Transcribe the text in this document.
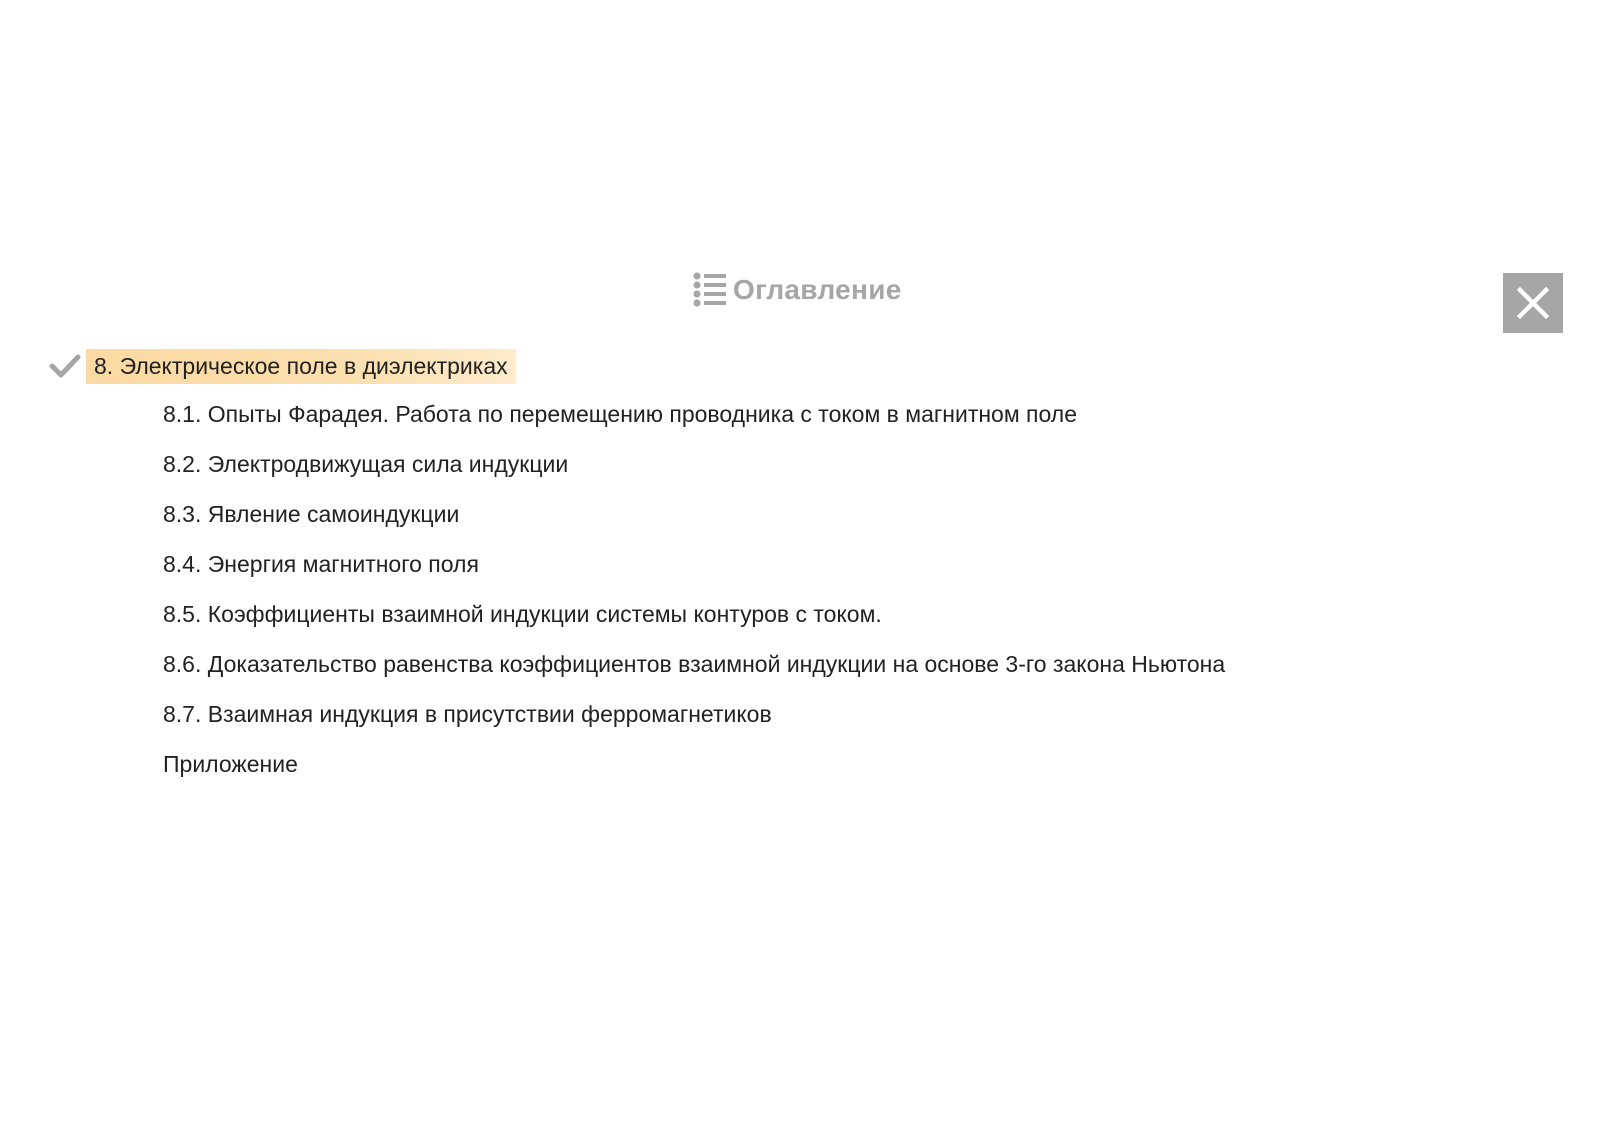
Оглавление
8. Электрическое поле в диэлектриках
8.1. Опыты Фарадея. Работа по перемещению проводника с током в магнитном поле
8.2. Электродвижущая сила индукции
8.3. Явление самоиндукции
8.4. Энергия магнитного поля
8.5. Коэффициенты взаимной индукции системы контуров с током.
8.6. Доказательство равенства коэффициентов взаимной индукции на основе 3-го закона Ньютона
8.7. Взаимная индукция в присутствии ферромагнетиков
Приложение
